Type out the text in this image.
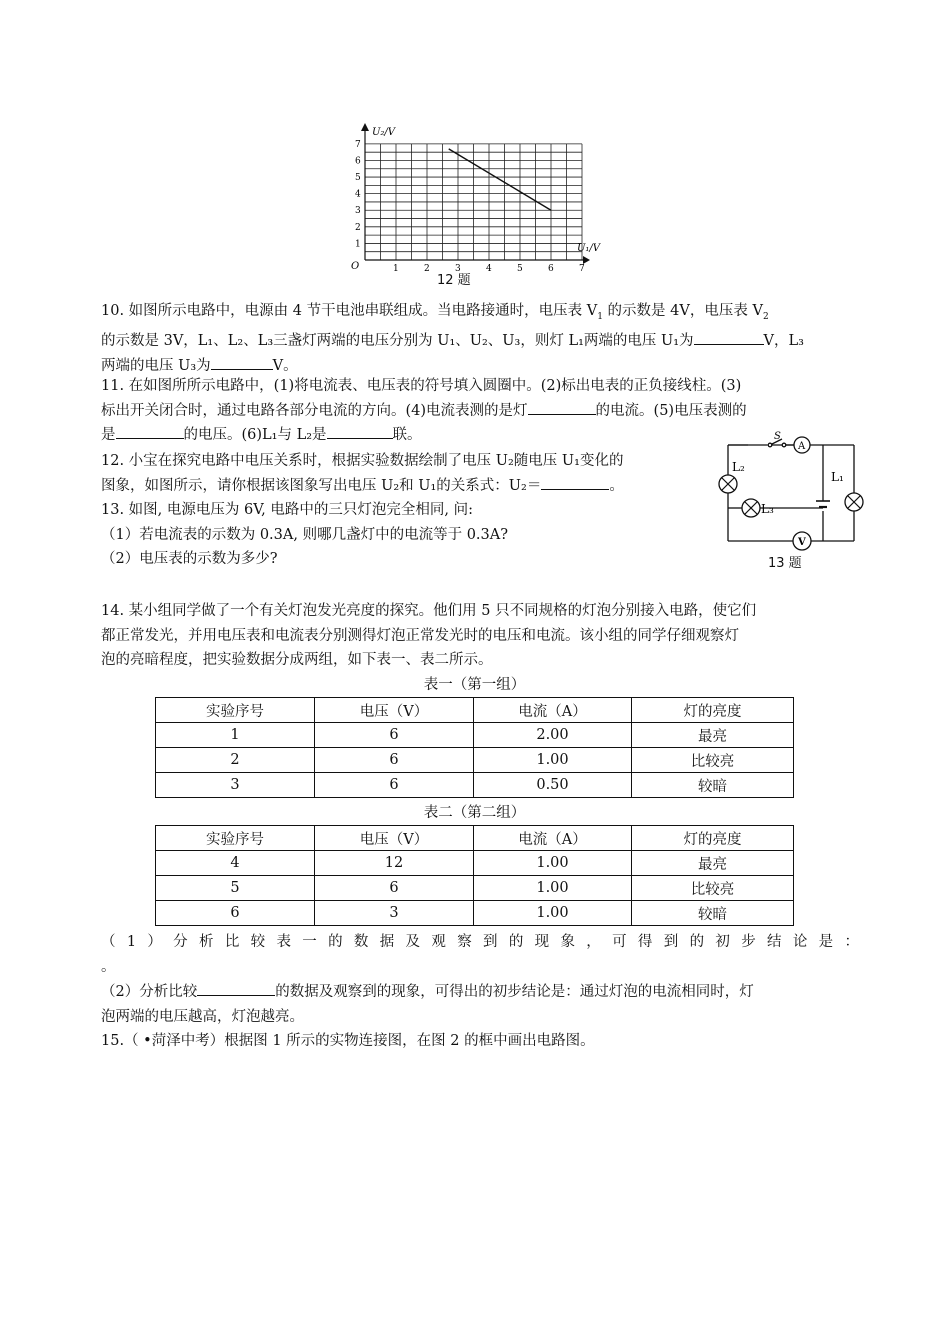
1	2	3	4	5	6	7
1
2
3
4
5
6
7
U₂/V
U₁/V
O
12 题
10. 如图所示电路中，电源由 4 节干电池串联组成。当电路接通时，电压表 $V_1$ 的示数是 4V，电压表 $V_2$
的示数是 3V，L₁、L₂、L₃三盏灯两端的电压分别为 U₁、U₂、U₃，则灯 L₁两端的电压 U₁为	V，L₃
两端的电压 U₃为	V。
11. 在如图所所示电路中，(1)将电流表、电压表的符号填入圆圈中。(2)标出电表的正负接线柱。(3)
标出开关闭合时，通过电路各部分电流的方向。(4)电流表测的是灯	的电流。(5)电压表测的
是	的电压。(6)L₁与 L₂是	联。
12. 小宝在探究电路中电压关系时，根据实验数据绘制了电压 U₂随电压 U₁变化的
图象，如图所示，请你根据该图象写出电压 U₂和 U₁的关系式：U₂＝	。
13. 如图, 电源电压为 6V, 电路中的三只灯泡完全相同, 问:
（1）若电流表的示数为 0.3A, 则哪几盏灯中的电流等于 0.3A?
（2）电压表的示数为多少?
S
A
L₂
L₃
L₁
V
13 题
14. 某小组同学做了一个有关灯泡发光亮度的探究。他们用 5 只不同规格的灯泡分别接入电路，使它们
都正常发光，并用电压表和电流表分别测得灯泡正常发光时的电压和电流。该小组的同学仔细观察灯
泡的亮暗程度，把实验数据分成两组，如下表一、表二所示。
表一（第一组）
实验序号	电压（V）	电流（A）	灯的亮度
1	6	2.00	最亮
2	6	1.00	比较亮
3	6	0.50	较暗
表二（第二组）
实验序号	电压（V）	电流（A）	灯的亮度
4	12	1.00	最亮
5	6	1.00	比较亮
6	3	1.00	较暗
（1）分析比较表一的数据及观察到的现象，可得到的初步结论是：
。
（2）分析比较	的数据及观察到的现象，可得出的初步结论是：通过灯泡的电流相同时，灯
泡两端的电压越高，灯泡越亮。
15.（ •菏泽中考）根据图 1 所示的实物连接图，在图 2 的框中画出电路图。
